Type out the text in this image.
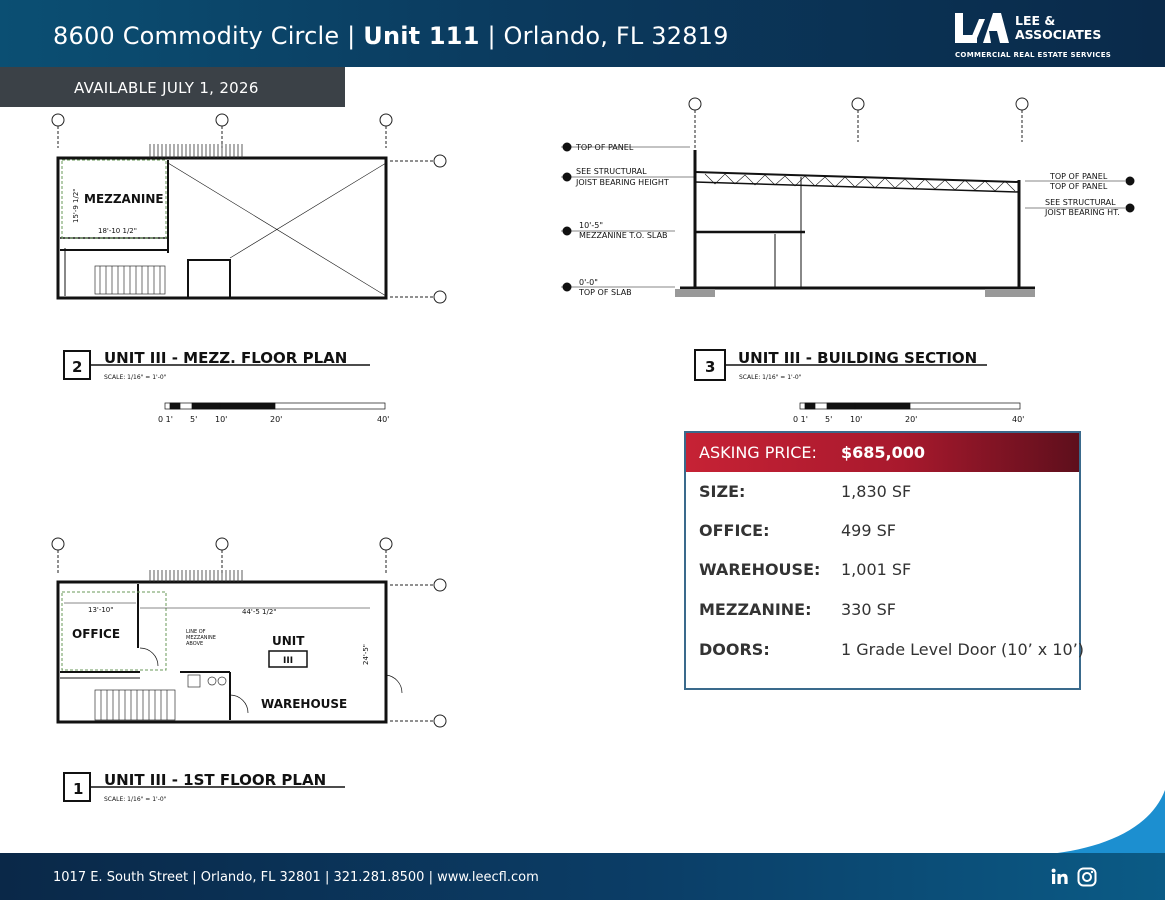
8600 Commodity Circle | Unit 111 | Orlando, FL 32819
LEE &
ASSOCIATES
COMMERCIAL REAL ESTATE SERVICES
AVAILABLE JULY 1, 2026
MEZZANINE
15'-9 1/2"
18'-10 1/2"
2 UNIT III - MEZZ. FLOOR PLAN
SCALE: 1/16" = 1'-0"
0 1' 5' 10'	20'	40'
TOP OF PANEL
SEE STRUCTURAL
JOIST BEARING HEIGHT
10'-5"
MEZZANINE T.O. SLAB
0'-0"
TOP OF SLAB
TOP OF PANEL
TOP OF PANEL
SEE STRUCTURAL
JOIST BEARING HT.
3 UNIT III - BUILDING SECTION
SCALE: 1/16" = 1'-0"
0 1' 5' 10'	20'	40'
13'-10"	44'-5 1/2"
24'-5"
OFFICE	LINE OF
MEZZANINE
ABOVE	UNIT
III
WAREHOUSE
1 UNIT III - 1ST FLOOR PLAN
SCALE: 1/16" = 1'-0"
ASKING PRICE: $685,000
SIZE:	1,830 SF
OFFICE:	499 SF
WAREHOUSE: 1,001 SF
MEZZANINE: 330 SF
DOORS:	1 Grade Level Door (10’ x 10’)
1017 E. South Street | Orlando, FL 32801 | 321.281.8500 | www.leecfl.com
